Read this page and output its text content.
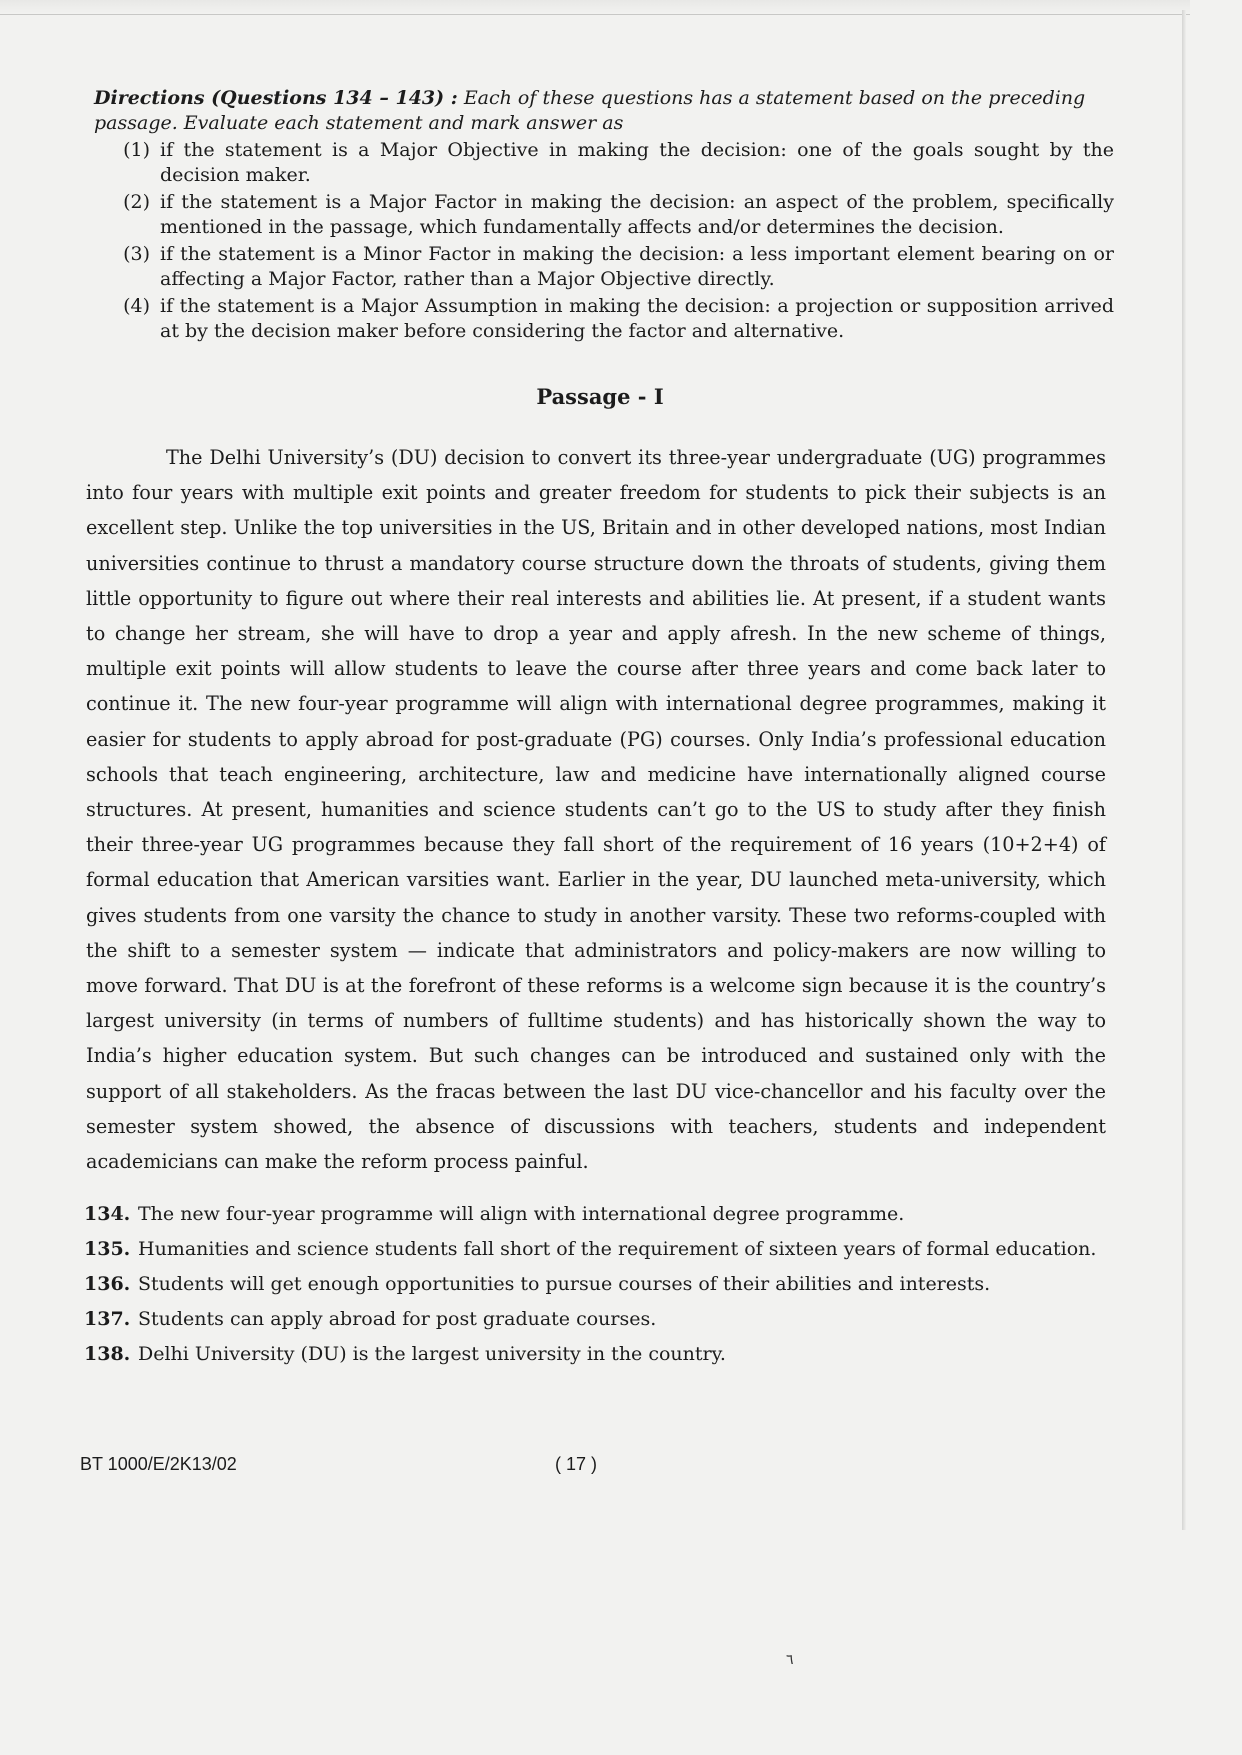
Directions (Questions 134 – 143) : Each of these questions has a statement based on the preceding passage. Evaluate each statement and mark answer as
(1) if the statement is a Major Objective in making the decision: one of the goals sought by the decision maker.
(2) if the statement is a Major Factor in making the decision: an aspect of the problem, specifically mentioned in the passage, which fundamentally affects and/or determines the decision.
(3) if the statement is a Minor Factor in making the decision: a less important element bearing on or affecting a Major Factor, rather than a Major Objective directly.
(4) if the statement is a Major Assumption in making the decision: a projection or supposition arrived at by the decision maker before considering the factor and alternative.
Passage - I
The Delhi University’s (DU) decision to convert its three-year undergraduate (UG) programmes into four years with multiple exit points and greater freedom for students to pick their subjects is an excellent step. Unlike the top universities in the US, Britain and in other developed nations, most Indian universities continue to thrust a mandatory course structure down the throats of students, giving them little opportunity to figure out where their real interests and abilities lie. At present, if a student wants to change her stream, she will have to drop a year and apply afresh. In the new scheme of things, multiple exit points will allow students to leave the course after three years and come back later to continue it. The new four-year programme will align with international degree programmes, making it easier for students to apply abroad for post-graduate (PG) courses. Only India’s professional education schools that teach engineering, architecture, law and medicine have internationally aligned course structures. At present, humanities and science students can’t go to the US to study after they finish their three-year UG programmes because they fall short of the requirement of 16 years (10+2+4) of formal education that American varsities want. Earlier in the year, DU launched meta-university, which gives students from one varsity the chance to study in another varsity. These two reforms-coupled with the shift to a semester system — indicate that administrators and policy-makers are now willing to move forward. That DU is at the forefront of these reforms is a welcome sign because it is the country’s largest university (in terms of numbers of fulltime students) and has historically shown the way to India’s higher education system. But such changes can be introduced and sustained only with the support of all stakeholders. As the fracas between the last DU vice-chancellor and his faculty over the semester system showed, the absence of discussions with teachers, students and independent academicians can make the reform process painful.
134. The new four-year programme will align with international degree programme.
135. Humanities and science students fall short of the requirement of sixteen years of formal education.
136. Students will get enough opportunities to pursue courses of their abilities and interests.
137. Students can apply abroad for post graduate courses.
138. Delhi University (DU) is the largest university in the country.
BT 1000/E/2K13/02	( 17 )
٦
